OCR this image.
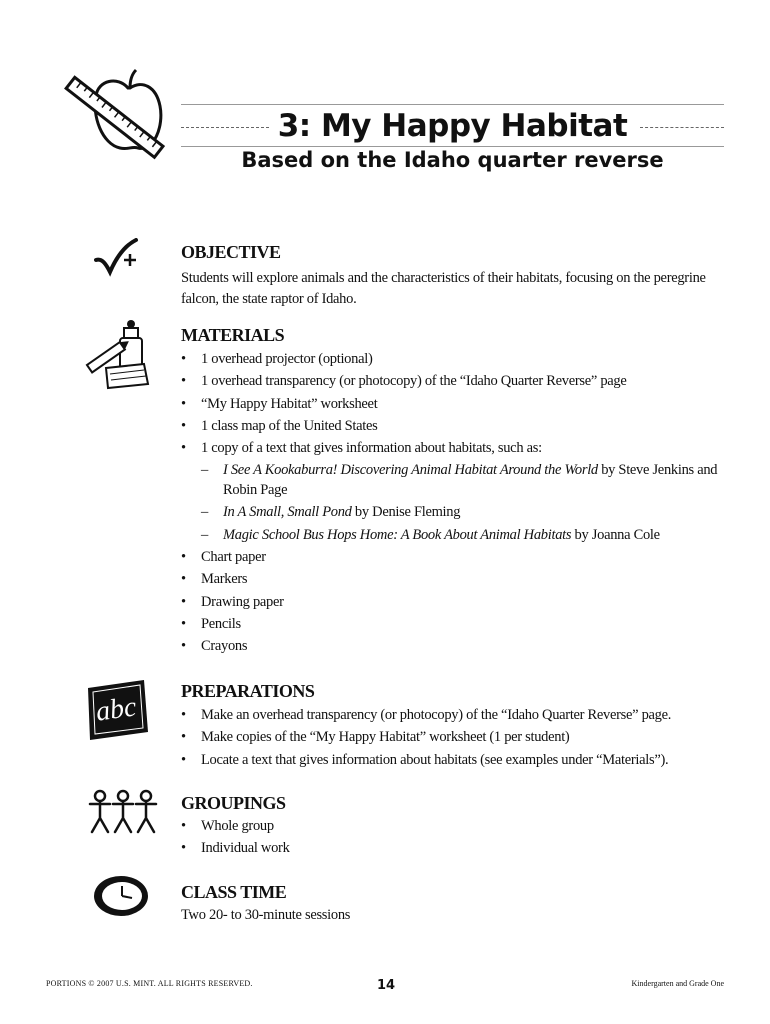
3: My Happy Habitat
Based on the Idaho quarter reverse
OBJECTIVE
Students will explore animals and the characteristics of their habitats, focusing on the peregrine falcon, the state raptor of Idaho.
MATERIALS
• 1 overhead projector (optional)
• 1 overhead transparency (or photocopy) of the “Idaho Quarter Reverse” page
• “My Happy Habitat” worksheet
• 1 class map of the United States
• 1 copy of a text that gives information about habitats, such as:
– I See A Kookaburra! Discovering Animal Habitat Around the World by Steve Jenkins and Robin Page
– In A Small, Small Pond by Denise Fleming
– Magic School Bus Hops Home: A Book About Animal Habitats by Joanna Cole
• Chart paper
• Markers
• Drawing paper
• Pencils
• Crayons
abc
PREPARATIONS
• Make an overhead transparency (or photocopy) of the “Idaho Quarter Reverse” page.
• Make copies of the “My Happy Habitat” worksheet (1 per student)
• Locate a text that gives information about habitats (see examples under “Materials”).
GROUPINGS
• Whole group
• Individual work
CLASS TIME
Two 20- to 30-minute sessions
PORTIONS © 2007 U.S. MINT. ALL RIGHTS RESERVED.	14	Kindergarten and Grade One
